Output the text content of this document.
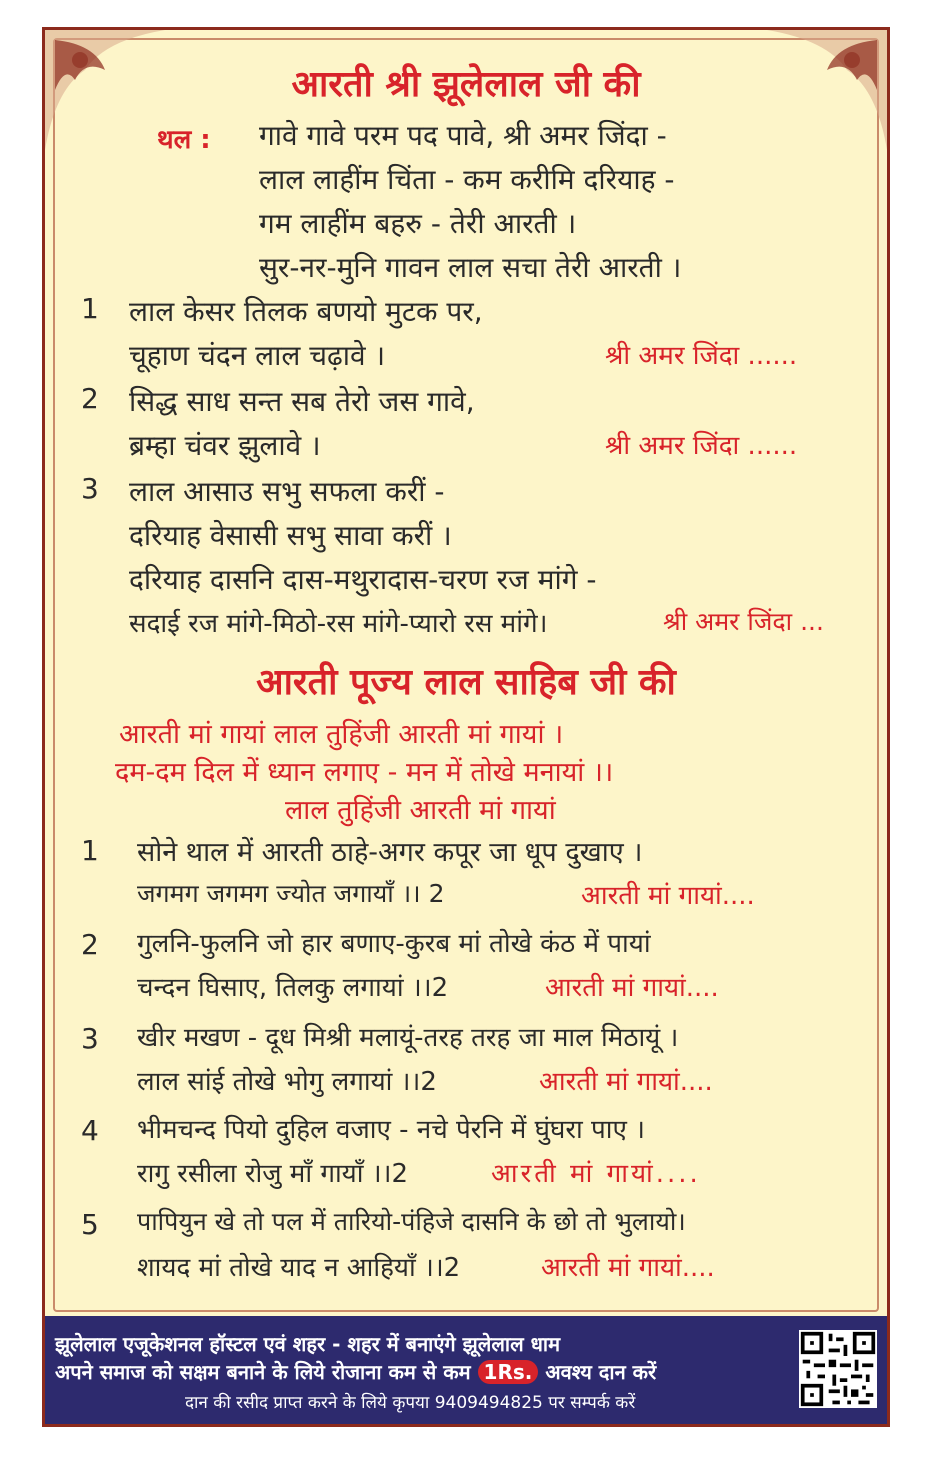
आरती श्री झूलेलाल जी की
थल : गावे गावे परम पद पावे, श्री अमर जिंदा -
लाल लाहींम चिंता - कम करीमि दरियाह -
गम लाहींम बहरु - तेरी आरती ।
सुर-नर-मुनि गावन लाल सचा तेरी आरती ।
1 लाल केसर तिलक बणयो मुटक पर,
चूहाण चंदन लाल चढ़ावे ।	श्री अमर जिंदा ......
2 सिद्ध साध सन्त सब तेरो जस गावे,
ब्रम्हा चंवर झुलावे ।	श्री अमर जिंदा ......
3 लाल आसाउ सभु सफला करीं -
दरियाह वेसासी सभु सावा करीं ।
दरियाह दासनि दास-मथुरादास-चरण रज मांगे -
सदाई रज मांगे-मिठो-रस मांगे-प्यारो रस मांगे।	श्री अमर जिंदा ...
आरती पूज्य लाल साहिब जी की
आरती मां गायां लाल तुहिंजी आरती मां गायां ।
दम-दम दिल में ध्यान लगाए - मन में तोखे मनायां ।।
लाल तुहिंजी आरती मां गायां
1 सोने थाल में आरती ठाहे-अगर कपूर जा धूप दुखाए ।
जगमग जगमग ज्योत जगायाँ ।। 2	आरती मां गायां....
2 गुलनि-फुलनि जो हार बणाए-कुरब मां तोखे कंठ में पायां
चन्दन घिसाए, तिलकु लगायां ।।2	आरती मां गायां....
3 खीर मखण - दूध मिश्री मलायूं-तरह तरह जा माल मिठायूं ।
लाल सांई तोखे भोगु लगायां ।।2	आरती मां गायां....
4 भीमचन्द पियो दुहिल वजाए - नचे पेरनि में घुंघरा पाए ।
रागु रसीला रोजु माँ गायाँ ।।2	आरती मां गायां....
5 पापियुन खे तो पल में तारियो-पंहिजे दासनि के छो तो भुलायो।
शायद मां तोखे याद न आहियाँ ।।2	आरती मां गायां....
झूलेलाल एजूकेशनल हॉस्टल एवं शहर - शहर में बनाएंगे झूलेलाल धाम
अपने समाज को सक्षम बनाने के लिये रोजाना कम से कम 1Rs. अवश्य दान करें
दान की रसीद प्राप्त करने के लिये कृपया 9409494825 पर सम्पर्क करें
